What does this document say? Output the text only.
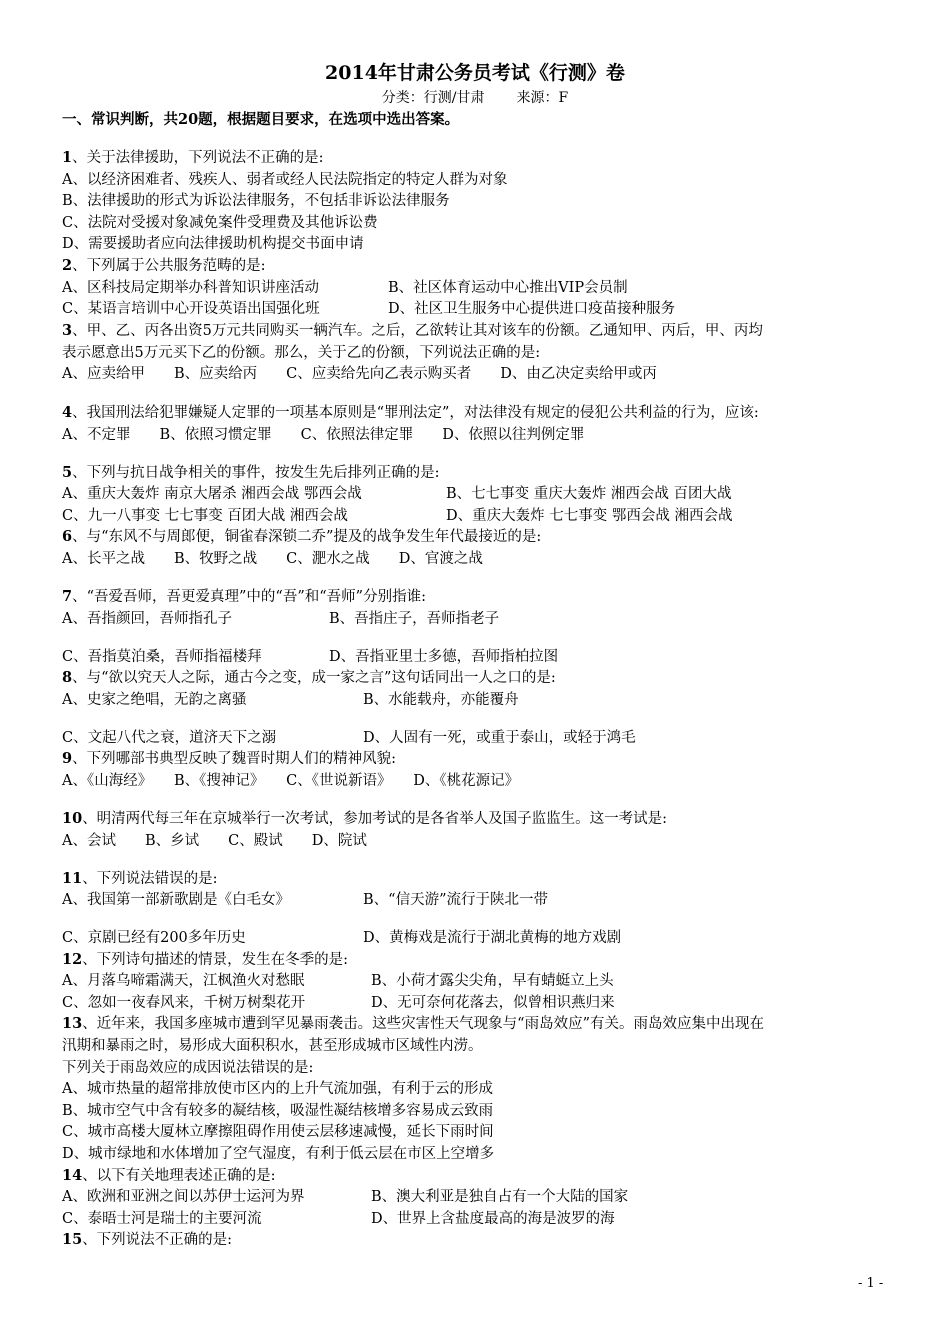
2014年甘肃公务员考试《行测》卷
分类：行测/甘肃 来源：F
一、常识判断，共20题，根据题目要求，在选项中选出答案。
1、关于法律援助，下列说法不正确的是:
A、以经济困难者、残疾人、弱者或经人民法院指定的特定人群为对象
B、法律援助的形式为诉讼法律服务，不包括非诉讼法律服务
C、法院对受援对象减免案件受理费及其他诉讼费
D、需要援助者应向法律援助机构提交书面申请
2、下列属于公共服务范畴的是:
A、区科技局定期举办科普知识讲座活动	B、社区体育运动中心推出VIP会员制
C、某语言培训中心开设英语出国强化班	D、社区卫生服务中心提供进口疫苗接种服务
3、甲、乙、丙各出资5万元共同购买一辆汽车。之后，乙欲转让其对该车的份额。乙通知甲、丙后，甲、丙均
表示愿意出5万元买下乙的份额。那么，关于乙的份额，下列说法正确的是:
A、应卖给甲　　B、应卖给丙　　C、应卖给先向乙表示购买者　　D、由乙决定卖给甲或丙
4、我国刑法给犯罪嫌疑人定罪的一项基本原则是“罪刑法定”，对法律没有规定的侵犯公共利益的行为，应该:
A、不定罪　　B、依照习惯定罪　　C、依照法律定罪　　D、依照以往判例定罪
5、下列与抗日战争相关的事件，按发生先后排列正确的是:
A、重庆大轰炸 南京大屠杀 湘西会战 鄂西会战	B、七七事变 重庆大轰炸 湘西会战 百团大战
C、九一八事变 七七事变 百团大战 湘西会战	D、重庆大轰炸 七七事变 鄂西会战 湘西会战
6、与“东风不与周郎便，铜雀春深锁二乔”提及的战争发生年代最接近的是:
A、长平之战　　B、牧野之战　　C、淝水之战　　D、官渡之战
7、“吾爱吾师，吾更爱真理”中的“吾”和“吾师”分别指谁:
A、吾指颜回，吾师指孔子	B、吾指庄子，吾师指老子
C、吾指莫泊桑，吾师指福楼拜	D、吾指亚里士多德，吾师指柏拉图
8、与“欲以究天人之际，通古今之变，成一家之言”这句话同出一人之口的是:
A、史家之绝唱，无韵之离骚	B、水能载舟，亦能覆舟
C、文起八代之衰，道济天下之溺	D、人固有一死，或重于泰山，或轻于鸿毛
9、下列哪部书典型反映了魏晋时期人们的精神风貌:
A、《山海经》　　B、《搜神记》　　C、《世说新语》　　D、《桃花源记》
10、明清两代每三年在京城举行一次考试，参加考试的是各省举人及国子监监生。这一考试是:
A、会试　　B、乡试　　C、殿试　　D、院试
11、下列说法错误的是:
A、我国第一部新歌剧是《白毛女》	B、“信天游”流行于陕北一带
C、京剧已经有200多年历史	D、黄梅戏是流行于湖北黄梅的地方戏剧
12、下列诗句描述的情景，发生在冬季的是:
A、月落乌啼霜满天，江枫渔火对愁眠	B、小荷才露尖尖角，早有蜻蜓立上头
C、忽如一夜春风来，千树万树梨花开	D、无可奈何花落去，似曾相识燕归来
13、近年来，我国多座城市遭到罕见暴雨袭击。这些灾害性天气现象与“雨岛效应”有关。雨岛效应集中出现在
汛期和暴雨之时，易形成大面积积水，甚至形成城市区域性内涝。
下列关于雨岛效应的成因说法错误的是:
A、城市热量的超常排放使市区内的上升气流加强，有利于云的形成
B、城市空气中含有较多的凝结核，吸湿性凝结核增多容易成云致雨
C、城市高楼大厦林立摩擦阻碍作用使云层移速减慢，延长下雨时间
D、城市绿地和水体增加了空气湿度，有利于低云层在市区上空增多
14、以下有关地理表述正确的是:
A、欧洲和亚洲之间以苏伊士运河为界	B、澳大利亚是独自占有一个大陆的国家
C、泰晤士河是瑞士的主要河流	D、世界上含盐度最高的海是波罗的海
15、下列说法不正确的是:
- 1 -
